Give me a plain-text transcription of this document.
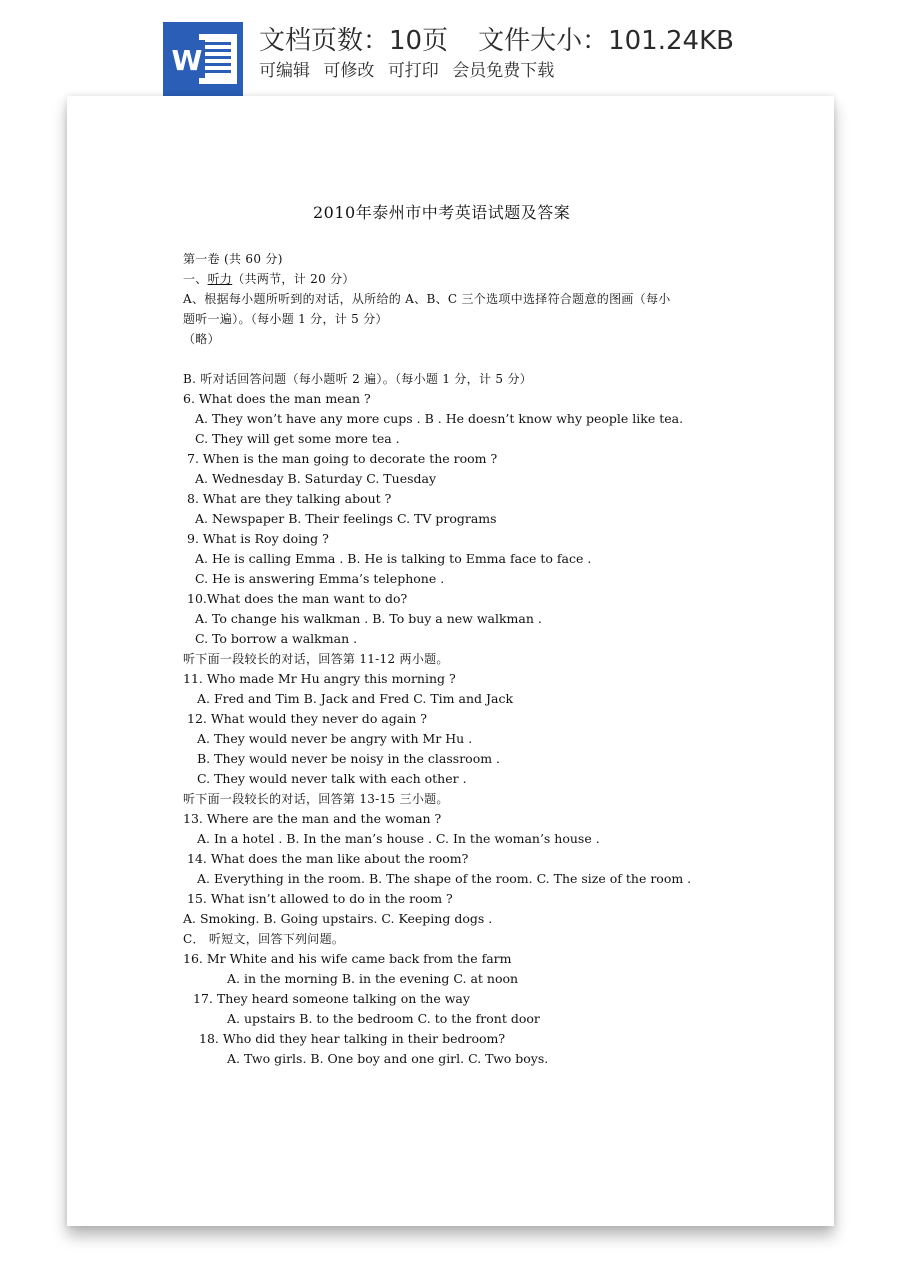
W
文档页数：10页 文件大小：101.24KB
可编辑 可修改 可打印 会员免费下载
2010年泰州市中考英语试题及答案
第一卷 (共 60 分)
一、听力（共两节，计 20 分）
A、根据每小题所听到的对话，从所给的 A、B、C 三个选项中选择符合题意的图画（每小
题听一遍）。（每小题 1 分，计 5 分）
（略）
B. 听对话回答问题（每小题听 2 遍）。（每小题 1 分，计 5 分）
6. What does the man mean ?
A. They won’t have any more cups . B . He doesn’t know why people like tea.
C. They will get some more tea .
7. When is the man going to decorate the room ?
A. Wednesday B. Saturday C. Tuesday
8. What are they talking about ?
A. Newspaper B. Their feelings C. TV programs
9. What is Roy doing ?
A. He is calling Emma . B. He is talking to Emma face to face .
C. He is answering Emma’s telephone .
10.What does the man want to do?
A. To change his walkman . B. To buy a new walkman .
C. To borrow a walkman .
听下面一段较长的对话，回答第 11-12 两小题。
11. Who made Mr Hu angry this morning ?
A. Fred and Tim B. Jack and Fred C. Tim and Jack
12. What would they never do again ?
A. They would never be angry with Mr Hu .
B. They would never be noisy in the classroom .
C. They would never talk with each other .
听下面一段较长的对话，回答第 13-15 三小题。
13. Where are the man and the woman ?
A. In a hotel . B. In the man’s house . C. In the woman’s house .
14. What does the man like about the room?
A. Everything in the room. B. The shape of the room. C. The size of the room .
15. What isn’t allowed to do in the room ?
A. Smoking. B. Going upstairs. C. Keeping dogs .
C． 听短文，回答下列问题。
16. Mr White and his wife came back from the farm
A. in the morning B. in the evening C. at noon
17. They heard someone talking on the way
A. upstairs B. to the bedroom C. to the front door
18. Who did they hear talking in their bedroom?
A. Two girls. B. One boy and one girl. C. Two boys.
